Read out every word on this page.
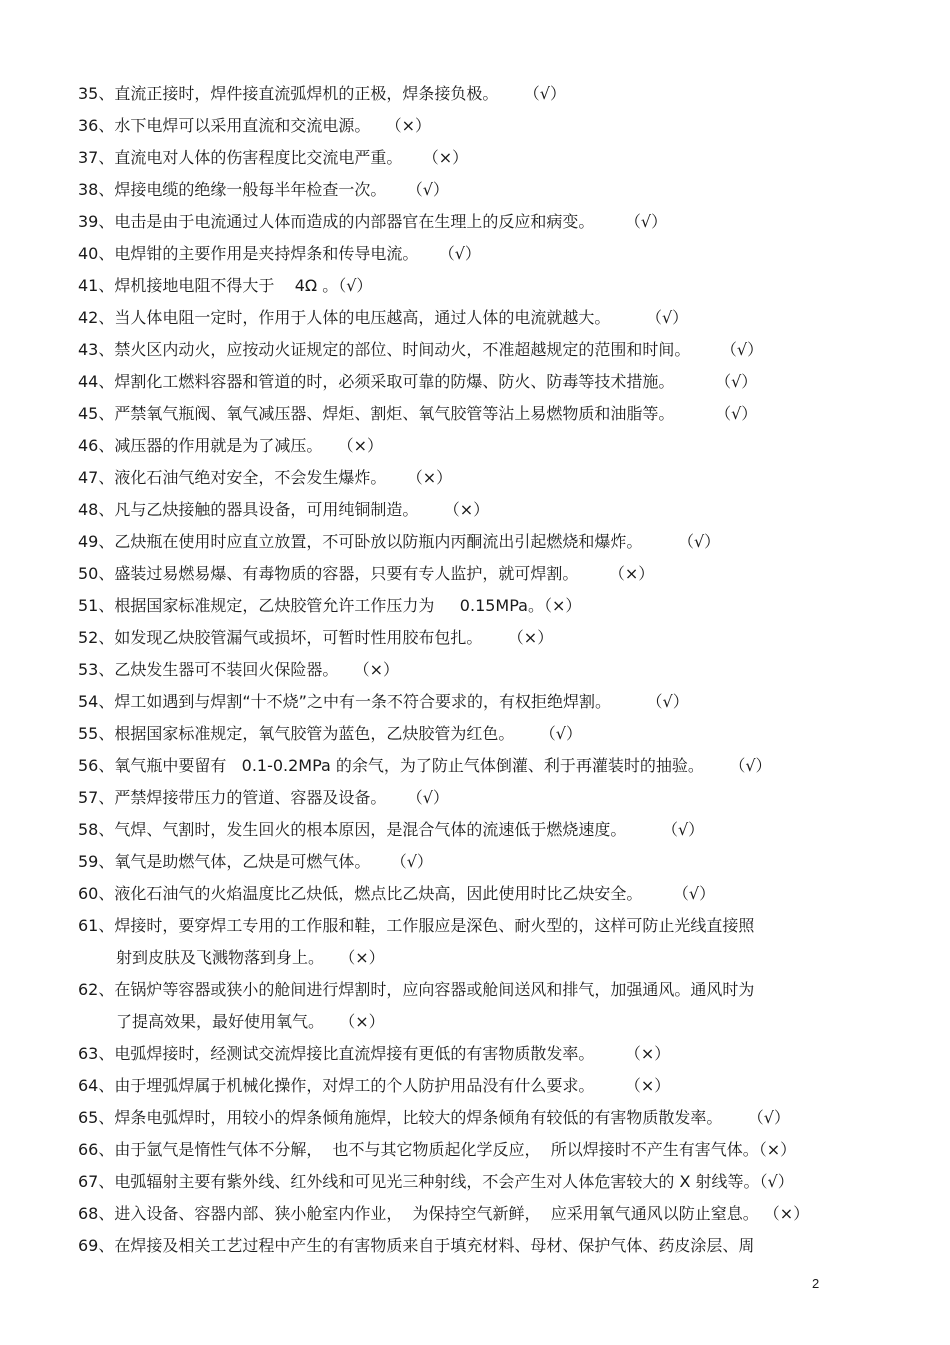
35、直流正接时，焊件接直流弧焊机的正极，焊条接负极。     （√）
36、水下电焊可以采用直流和交流电源。   （×）
37、直流电对人体的伤害程度比交流电严重。    （×）
38、焊接电缆的绝缘一般每半年检查一次。    （√）
39、电击是由于电流通过人体而造成的内部器官在生理上的反应和病变。      （√）
40、电焊钳的主要作用是夹持焊条和传导电流。    （√）
41、焊机接地电阻不得大于    4Ω 。（√）
42、当人体电阻一定时，作用于人体的电压越高，通过人体的电流就越大。       （√）
43、禁火区内动火，应按动火证规定的部位、时间动火，不准超越规定的范围和时间。      （√）
44、焊割化工燃料容器和管道的时，必须采取可靠的防爆、防火、防毒等技术措施。        （√）
45、严禁氧气瓶阀、氧气减压器、焊炬、割炬、氧气胶管等沾上易燃物质和油脂等。        （√）
46、减压器的作用就是为了减压。   （×）
47、液化石油气绝对安全，不会发生爆炸。    （×）
48、凡与乙炔接触的器具设备，可用纯铜制造。     （×）
49、乙炔瓶在使用时应直立放置，不可卧放以防瓶内丙酮流出引起燃烧和爆炸。       （√）
50、盛装过易燃易爆、有毒物质的容器，只要有专人监护，就可焊割。      （×）
51、根据国家标准规定，乙炔胶管允许工作压力为     0.15MPa。（×）
52、如发现乙炔胶管漏气或损坏，可暂时性用胶布包扎。     （×）
53、乙炔发生器可不装回火保险器。   （×）
54、焊工如遇到与焊割“十不烧”之中有一条不符合要求的，有权拒绝焊割。       （√）
55、根据国家标准规定，氧气胶管为蓝色，乙炔胶管为红色。     （√）
56、氧气瓶中要留有   0.1-0.2MPa 的余气，为了防止气体倒灌、利于再灌装时的抽验。     （√）
57、严禁焊接带压力的管道、容器及设备。    （√）
58、气焊、气割时，发生回火的根本原因，是混合气体的流速低于燃烧速度。       （√）
59、氧气是助燃气体，乙炔是可燃气体。    （√）
60、液化石油气的火焰温度比乙炔低，燃点比乙炔高，因此使用时比乙炔安全。      （√）
61、焊接时，要穿焊工专用的工作服和鞋，工作服应是深色、耐火型的，这样可防止光线直接照
射到皮肤及飞溅物落到身上。   （×）
62、在锅炉等容器或狭小的舱间进行焊割时，应向容器或舱间送风和排气，加强通风。通风时为
了提高效果，最好使用氧气。   （×）
63、电弧焊接时，经测试交流焊接比直流焊接有更低的有害物质散发率。      （×）
64、由于埋弧焊属于机械化操作，对焊工的个人防护用品没有什么要求。      （×）
65、焊条电弧焊时，用较小的焊条倾角施焊，比较大的焊条倾角有较低的有害物质散发率。     （√）
66、由于氩气是惰性气体不分解，  也不与其它物质起化学反应，  所以焊接时不产生有害气体。（×）
67、电弧辐射主要有紫外线、红外线和可见光三种射线，不会产生对人体危害较大的 X 射线等。（√）
68、进入设备、容器内部、狭小舱室内作业，  为保持空气新鲜，  应采用氧气通风以防止窒息。 （×）
69、在焊接及相关工艺过程中产生的有害物质来自于填充材料、母材、保护气体、药皮涂层、周
2
